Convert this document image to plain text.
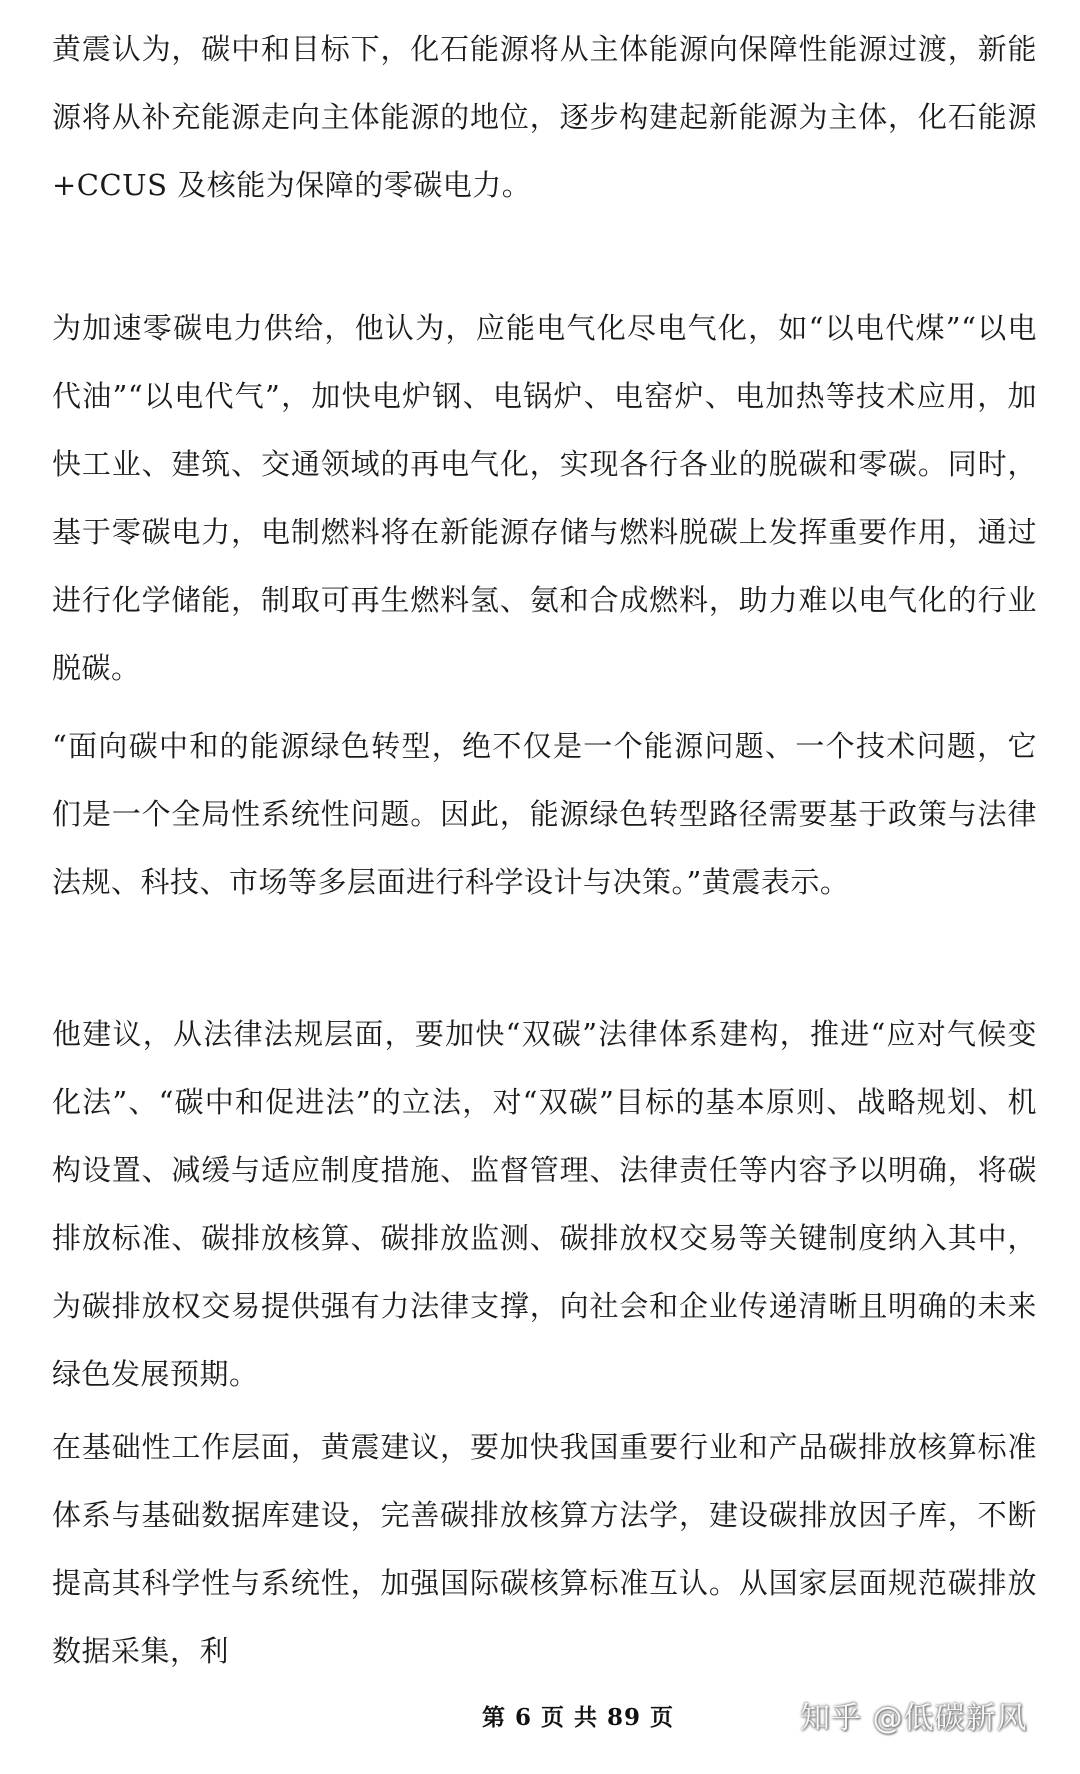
黄震认为，碳中和目标下，化石能源将从主体能源向保障性能源过渡，新能源将从补充能源走向主体能源的地位，逐步构建起新能源为主体，化石能源+CCUS 及核能为保障的零碳电力。

为加速零碳电力供给，他认为，应能电气化尽电气化，如“以电代煤”“以电代油”“以电代气”，加快电炉钢、电锅炉、电窑炉、电加热等技术应用，加快工业、建筑、交通领域的再电气化，实现各行各业的脱碳和零碳。同时，基于零碳电力，电制燃料将在新能源存储与燃料脱碳上发挥重要作用，通过进行化学储能，制取可再生燃料氢、氨和合成燃料，助力难以电气化的行业脱碳。

“面向碳中和的能源绿色转型，绝不仅是一个能源问题、一个技术问题，它们是一个全局性系统性问题。因此，能源绿色转型路径需要基于政策与法律法规、科技、市场等多层面进行科学设计与决策。”黄震表示。

他建议，从法律法规层面，要加快“双碳”法律体系建构，推进“应对气候变化法”、“碳中和促进法”的立法，对“双碳”目标的基本原则、战略规划、机构设置、减缓与适应制度措施、监督管理、法律责任等内容予以明确，将碳排放标准、碳排放核算、碳排放监测、碳排放权交易等关键制度纳入其中，为碳排放权交易提供强有力法律支撑，向社会和企业传递清晰且明确的未来绿色发展预期。

在基础性工作层面，黄震建议，要加快我国重要行业和产品碳排放核算标准体系与基础数据库建设，完善碳排放核算方法学，建设碳排放因子库，不断提高其科学性与系统性，加强国际碳核算标准互认。从国家层面规范碳排放数据采集，利

第 6 页 共 89 页	知乎 @低碳新风
